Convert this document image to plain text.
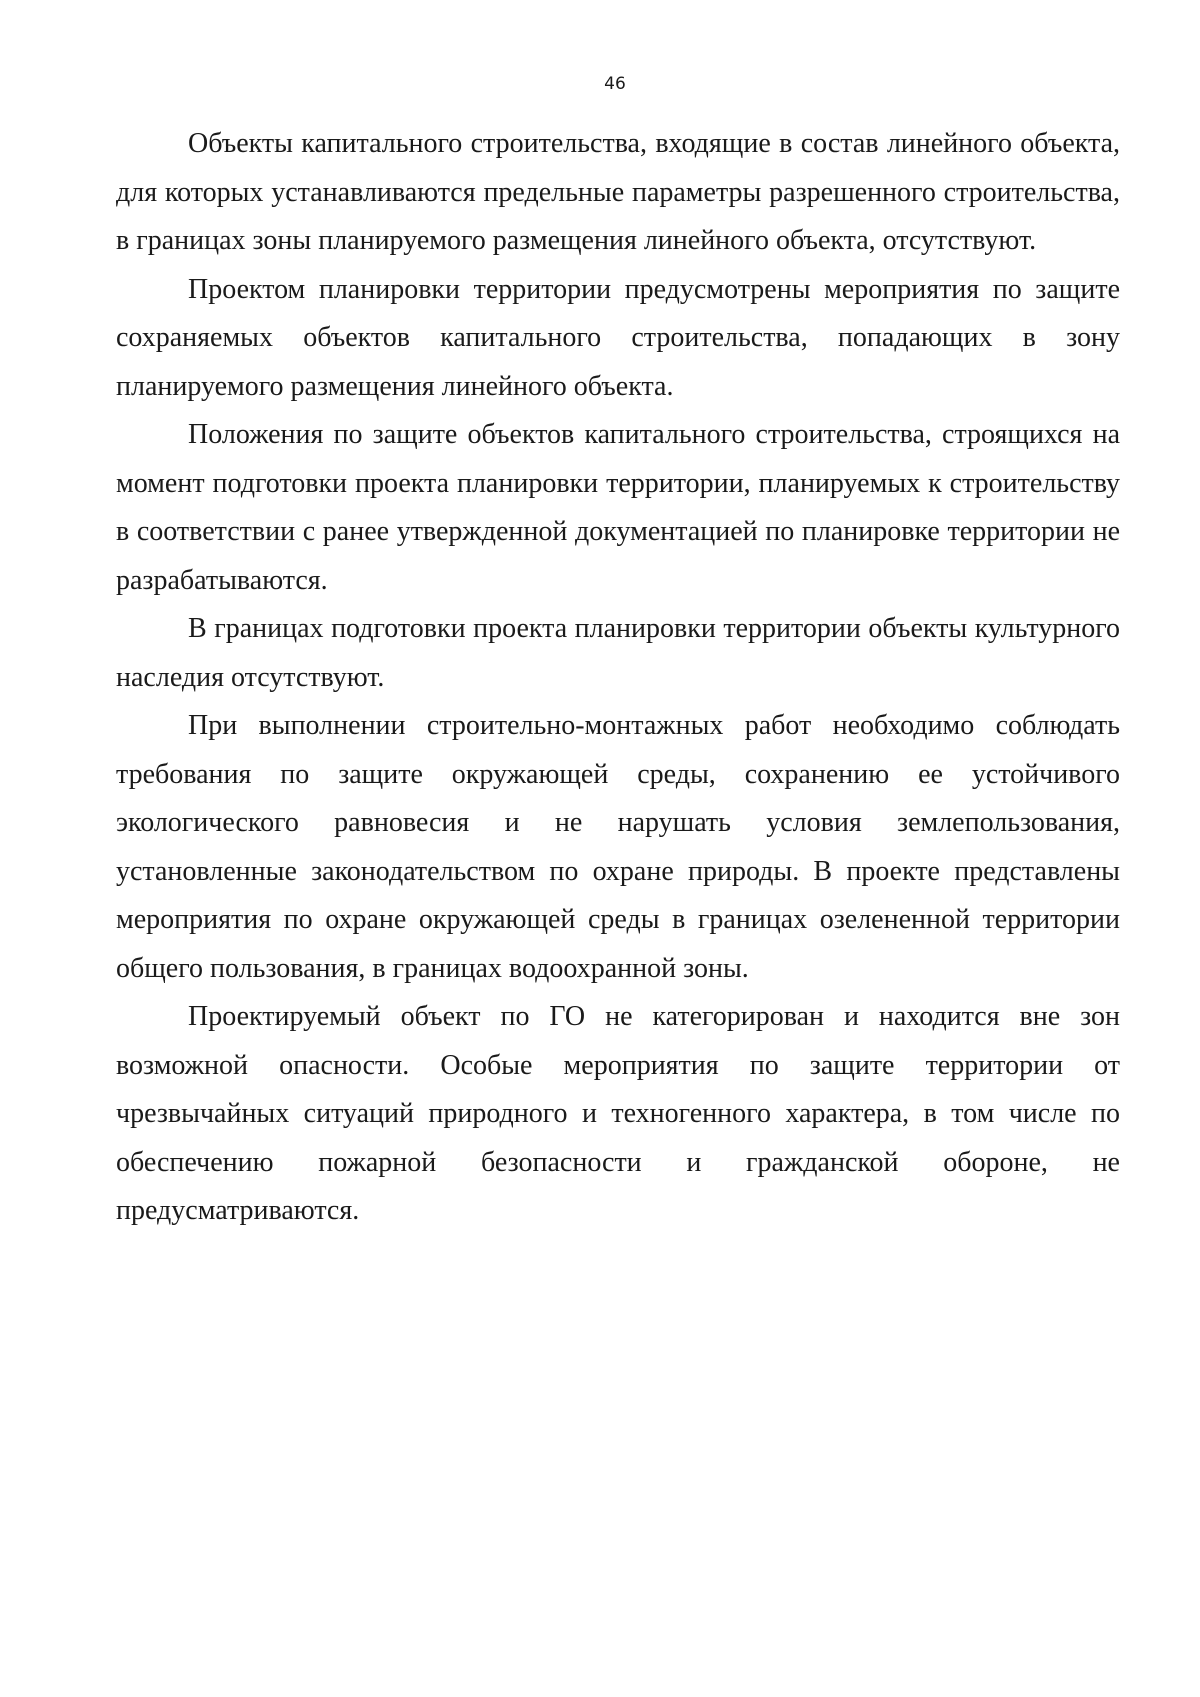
46

Объекты капитального строительства, входящие в состав линейного объекта, для которых устанавливаются предельные параметры разрешенного строительства, в границах зоны планируемого размещения линейного объекта, отсутствуют.

Проектом планировки территории предусмотрены мероприятия по защите сохраняемых объектов капитального строительства, попадающих в зону планируемого размещения линейного объекта.

Положения по защите объектов капитального строительства, строящихся на момент подготовки проекта планировки территории, планируемых к строительству в соответствии с ранее утвержденной документацией по планировке территории не разрабатываются.

В границах подготовки проекта планировки территории объекты культурного наследия отсутствуют.

При выполнении строительно-монтажных работ необходимо соблюдать требования по защите окружающей среды, сохранению ее устойчивого экологического равновесия и не нарушать условия землепользования, установленные законодательством по охране природы. В проекте представлены мероприятия по охране окружающей среды в границах озелененной территории общего пользования, в границах водоохранной зоны.

Проектируемый объект по ГО не категорирован и находится вне зон возможной опасности. Особые мероприятия по защите территории от чрезвычайных ситуаций природного и техногенного характера, в том числе по обеспечению пожарной безопасности и гражданской обороне, не предусматриваются.
